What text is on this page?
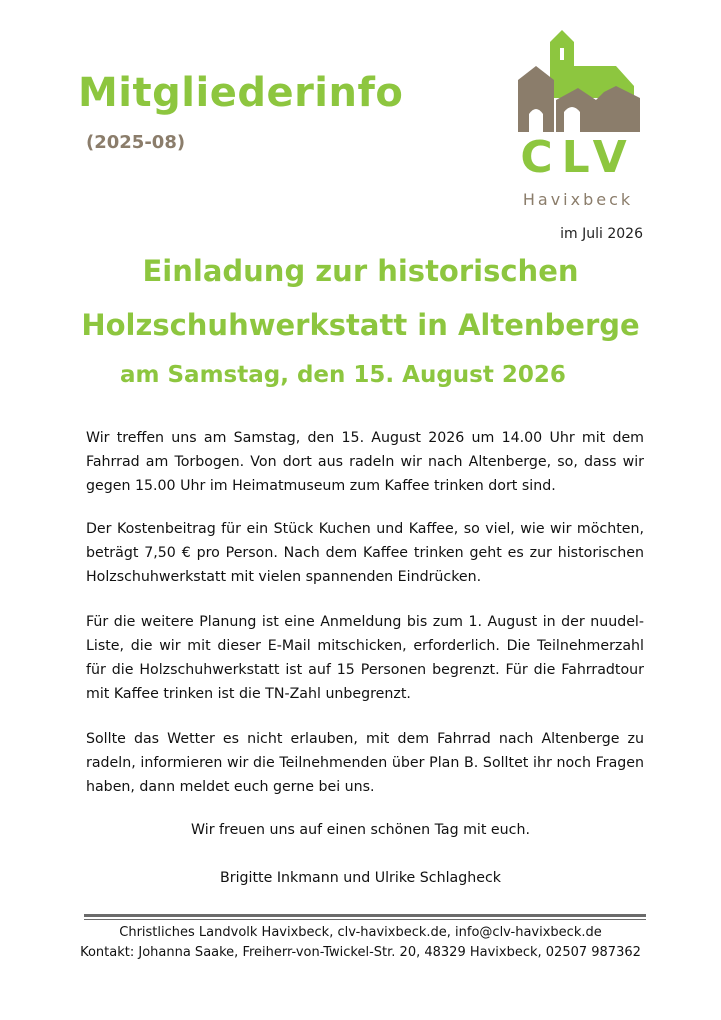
Mitgliederinfo
(2025-08)	CLV
Havixbeck
im Juli 2026
Einladung zur historischen
Holzschuhwerkstatt in Altenberge
am Samstag, den 15. August 2026
Wir treffen uns am Samstag, den 15. August 2026 um 14.00 Uhr mit dem Fahrrad am Torbogen. Von dort aus radeln wir nach Altenberge, so, dass wir gegen 15.00 Uhr im Heimatmuseum zum Kaffee trinken dort sind.
Der Kostenbeitrag für ein Stück Kuchen und Kaffee, so viel, wie wir möchten, beträgt 7,50 € pro Person. Nach dem Kaffee trinken geht es zur historischen Holzschuhwerkstatt mit vielen spannenden Eindrücken.
Für die weitere Planung ist eine Anmeldung bis zum 1. August in der nuudel-Liste, die wir mit dieser E-Mail mitschicken, erforderlich. Die Teilnehmerzahl für die Holzschuhwerkstatt ist auf 15 Personen begrenzt. Für die Fahrradtour mit Kaffee trinken ist die TN-Zahl unbegrenzt.
Sollte das Wetter es nicht erlauben, mit dem Fahrrad nach Altenberge zu radeln, informieren wir die Teilnehmenden über Plan B. Solltet ihr noch Fragen haben, dann meldet euch gerne bei uns.
Wir freuen uns auf einen schönen Tag mit euch.
Brigitte Inkmann und Ulrike Schlagheck
Christliches Landvolk Havixbeck, clv-havixbeck.de, info@clv-havixbeck.de
Kontakt: Johanna Saake, Freiherr-von-Twickel-Str. 20, 48329 Havixbeck, 02507 987362
